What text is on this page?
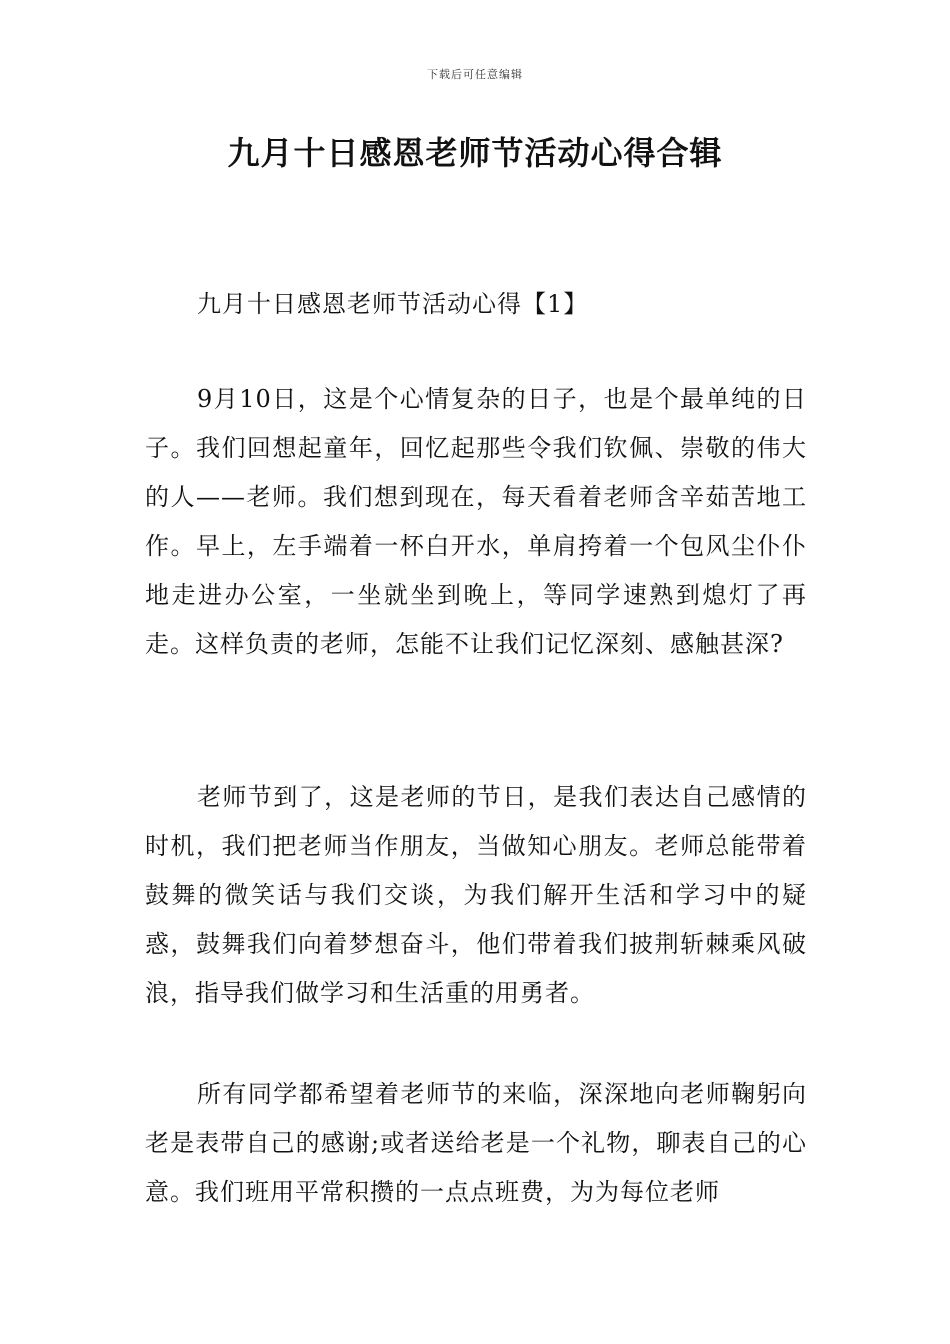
下载后可任意编辑
九月十日感恩老师节活动心得合辑
九月十日感恩老师节活动心得【1】

9月10日，这是个心情复杂的日子，也是个最单纯的日子。我们回想起童年，回忆起那些令我们钦佩、崇敬的伟大的人——老师。我们想到现在，每天看着老师含辛茹苦地工作。早上，左手端着一杯白开水，单肩挎着一个包风尘仆仆地走进办公室，一坐就坐到晚上，等同学速熟到熄灯了再走。这样负责的老师，怎能不让我们记忆深刻、感触甚深?

老师节到了，这是老师的节日，是我们表达自己感情的时机，我们把老师当作朋友，当做知心朋友。老师总能带着鼓舞的微笑话与我们交谈，为我们解开生活和学习中的疑惑，鼓舞我们向着梦想奋斗，他们带着我们披荆斩棘乘风破浪，指导我们做学习和生活重的用勇者。

所有同学都希望着老师节的来临，深深地向老师鞠躬向老是表带自己的感谢;或者送给老是一个礼物，聊表自己的心意。我们班用平常积攒的一点点班费，为为每位老师
